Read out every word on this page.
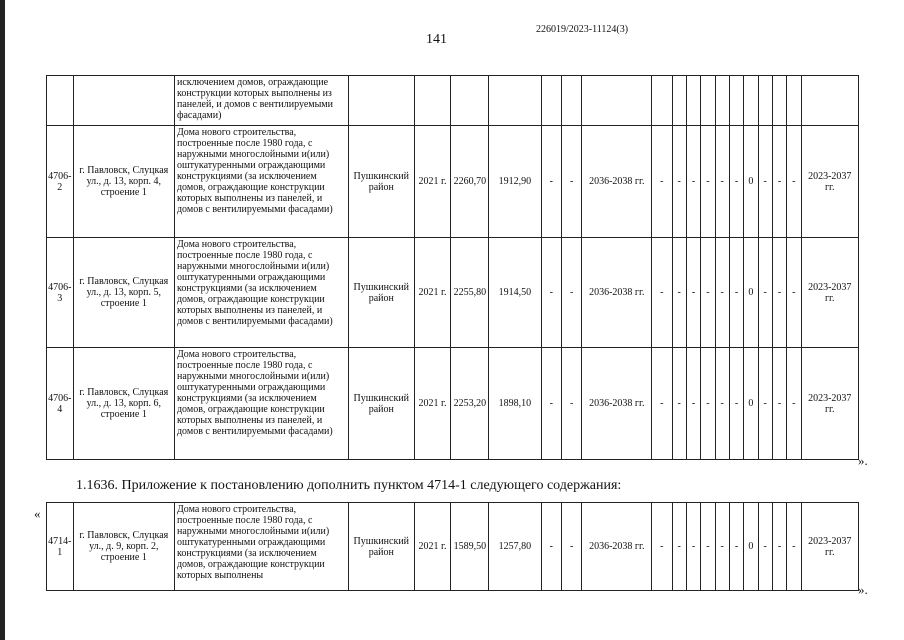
226019/2023-11124(3)
141
		исключением домов, ограждающие конструкции которых выполнены из панелей, и домов с вентилируемыми фасадами)																		
4706-2	г. Павловск, Слуцкая ул., д. 13, корп. 4, строение 1	Дома нового строительства, построенные после 1980 года, с наружными многослойными и(или) оштукатуренными ограждающими конструкциями (за исключением домов, ограждающие конструкции которых выполнены из панелей, и домов с вентилируемыми фасадами)	Пушкинский район	2021 г.	2260,70	1912,90	-	-	2036-2038 гг.	-	-	-	-	-	-	0	-	-	-	2023-2037 гг.
4706-3	г. Павловск, Слуцкая ул., д. 13, корп. 5, строение 1	Дома нового строительства, построенные после 1980 года, с наружными многослойными и(или) оштукатуренными ограждающими конструкциями (за исключением домов, ограждающие конструкции которых выполнены из панелей, и домов с вентилируемыми фасадами)	Пушкинский район	2021 г.	2255,80	1914,50	-	-	2036-2038 гг.	-	-	-	-	-	-	0	-	-	-	2023-2037 гг.
4706-4	г. Павловск, Слуцкая ул., д. 13, корп. 6, строение 1	Дома нового строительства, построенные после 1980 года, с наружными многослойными и(или) оштукатуренными ограждающими конструкциями (за исключением домов, ограждающие конструкции которых выполнены из панелей, и домов с вентилируемыми фасадами)	Пушкинский район	2021 г.	2253,20	1898,10	-	-	2036-2038 гг.	-	-	-	-	-	-	0	-	-	-	2023-2037 гг.
».
1.1636. Приложение к постановлению дополнить пунктом 4714-1 следующего содержания:
«
4714-1	г. Павловск, Слуцкая ул., д. 9, корп. 2, строение 1	Дома нового строительства, построенные после 1980 года, с наружными многослойными и(или) оштукатуренными ограждающими конструкциями (за исключением домов, ограждающие конструкции которых выполнены	Пушкинский район	2021 г.	1589,50	1257,80	-	-	2036-2038 гг.	-	-	-	-	-	-	0	-	-	-	2023-2037 гг.
».
